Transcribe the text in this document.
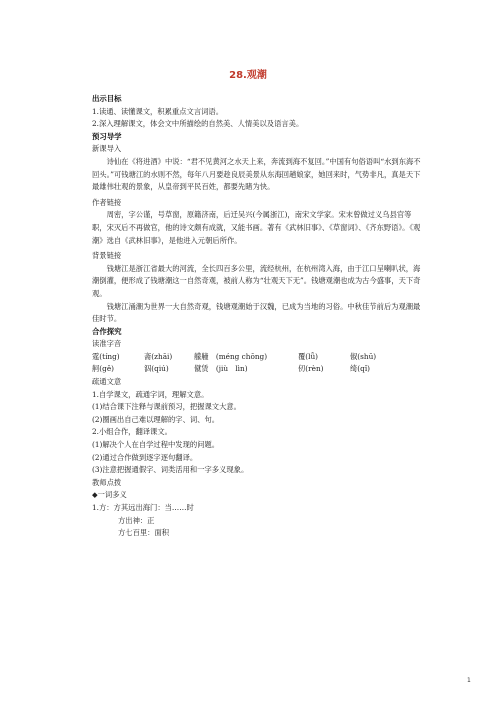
28.观潮

出示目标

1.读通、读懂课文，积累重点文言词语。

2.深入理解课文，体会文中所描绘的自然美、人情美以及语言美。

预习导学

新课导入

诗仙在《将进酒》中说：“君不见黄河之水天上来，奔流到海不复回。”中国有句俗语叫“水到东海不回头。”可钱塘江的水则不然，每年八月要趁良辰美景从东海回趟娘家，她回来时，气势非凡，真是天下最雄伟壮观的景象，从皇帝到平民百姓，都要先睹为快。

作者链接

周密，字公谨，号草窗，原籍济南，后迁吴兴(今属浙江)，南宋文学家。宋末曾做过义乌县官等职，宋灭后不再做官，他的诗文颇有成就，又能书画。著有《武林旧事》、《草窗词》、《齐东野语》。《观潮》选自《武林旧事》，是他进入元朝后所作。

背景链接

钱塘江是浙江省最大的河流，全长四百多公里，流经杭州，在杭州湾入海，由于江口呈喇叭状，海潮倒灌，便形成了钱塘潮这一自然奇观，被前人称为“壮观天下无”。钱塘观潮也成为古今盛事，天下奇观。

钱塘江涌潮为世界一大自然奇观，钱塘观潮始于汉魏，已成为当地的习俗。中秋佳节前后为观潮最佳时节。

合作探究

读准字音

霆(tíng)	斋(zhāi)	艨艟　(méng chōng)	覆(lǚ)	俶(shū)
舸(gě)	泅(qiú)	僦赁　(jiù　lìn)	仞(rèn)	绮(qǐ)

疏通文意

1.自学课文，疏通字词，理解文意。

(1)结合课下注释与课前预习，把握课文大意。

(2)圈画出自己难以理解的字、词、句。

2.小组合作，翻译课文。

(1)解决个人在自学过程中发现的问题。

(2)通过合作做到逐字逐句翻译。

(3)注意把握通假字、词类活用和一字多义现象。

教师点拨

◆一词多义

1.方：方其远出海门：当……时

方出神：正

方七百里：面积

1
